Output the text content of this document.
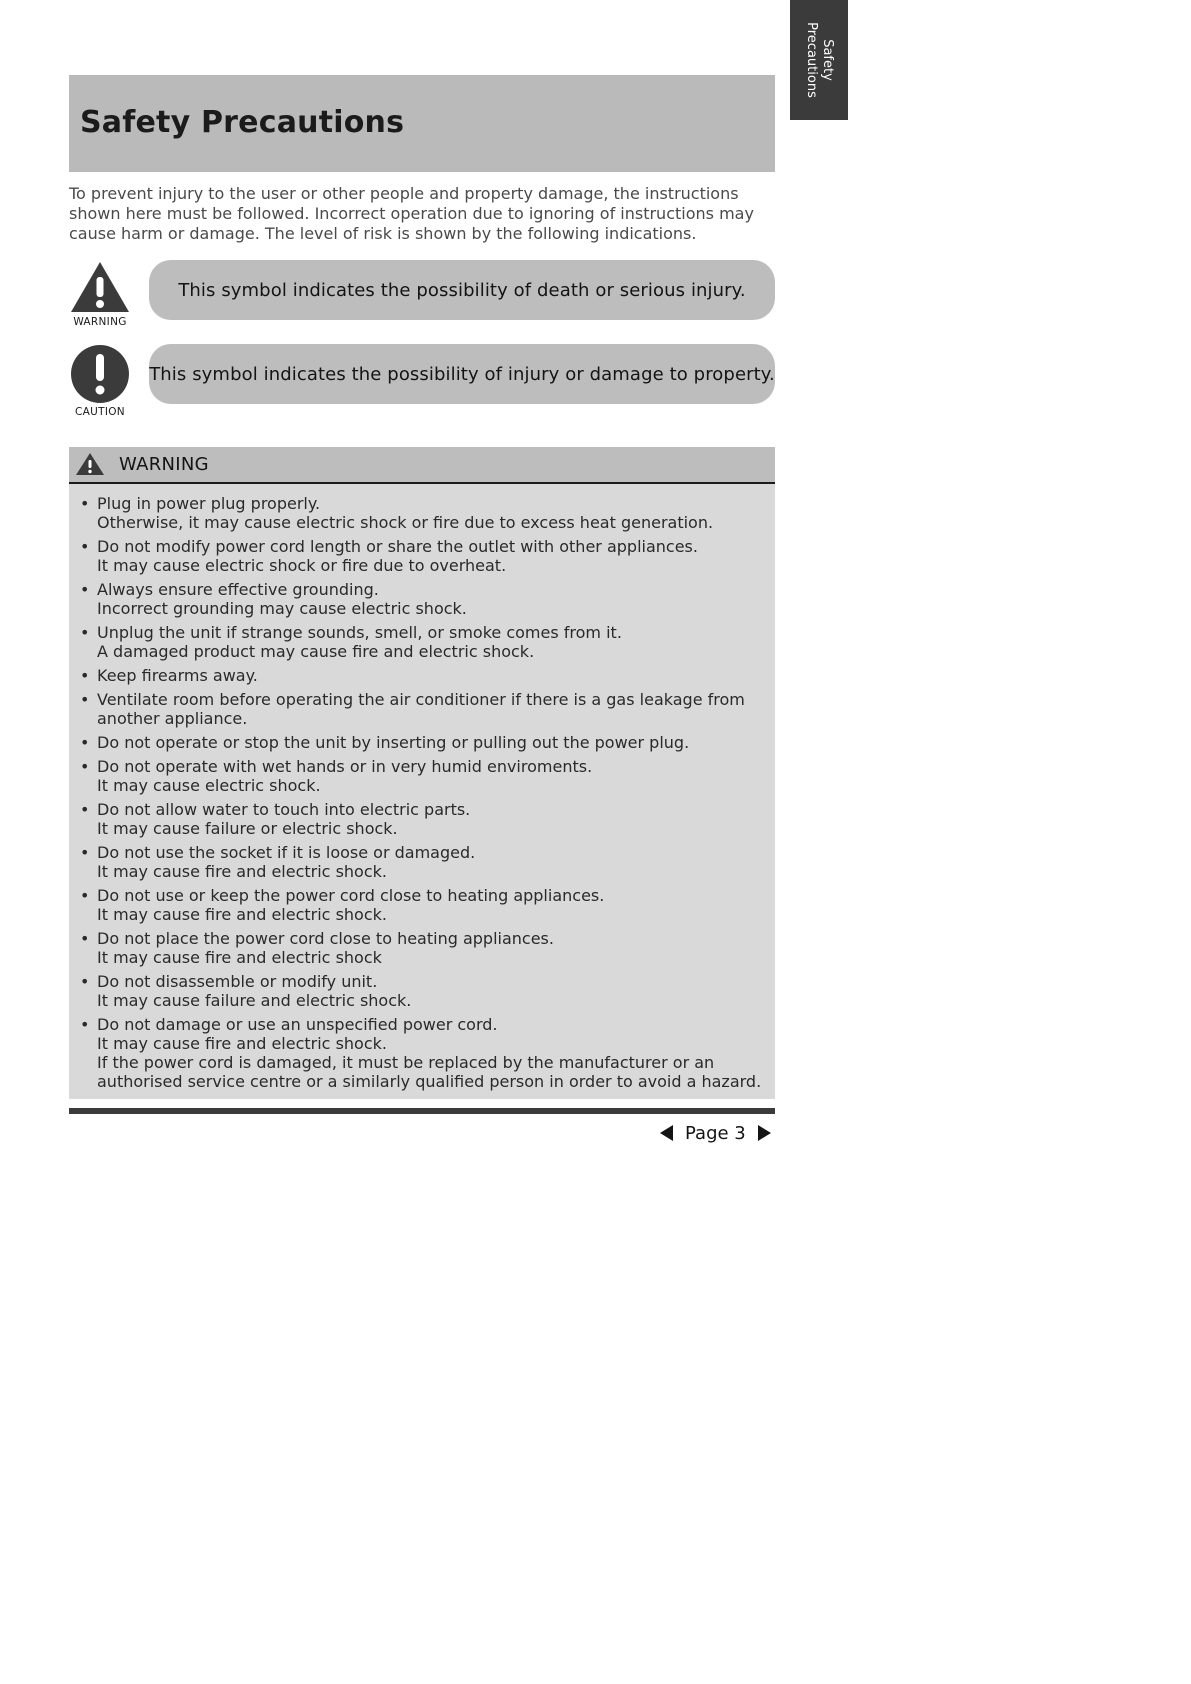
Safety
Precautions
Safety Precautions

To prevent injury to the user or other people and property damage, the instructions shown here must be followed. Incorrect operation due to ignoring of instructions may cause harm or damage. The level of risk is shown by the following indications.

WARNING
This symbol indicates the possibility of death or serious injury.
CAUTION
This symbol indicates the possibility of injury or damage to property.
WARNING
• Plug in power plug properly.
Otherwise, it may cause electric shock or fire due to excess heat generation.
• Do not modify power cord length or share the outlet with other appliances.
It may cause electric shock or fire due to overheat.
• Always ensure effective grounding.
Incorrect grounding may cause electric shock.
• Unplug the unit if strange sounds, smell, or smoke comes from it.
A damaged product may cause fire and electric shock.
• Keep firearms away.
• Ventilate room before operating the air conditioner if there is a gas leakage from another appliance.
• Do not operate or stop the unit by inserting or pulling out the power plug.
• Do not operate with wet hands or in very humid enviroments.
It may cause electric shock.
• Do not allow water to touch into electric parts.
It may cause failure or electric shock.
• Do not use the socket if it is loose or damaged.
It may cause fire and electric shock.
• Do not use or keep the power cord close to heating appliances.
It may cause fire and electric shock.
• Do not place the power cord close to heating appliances.
It may cause fire and electric shock
• Do not disassemble or modify unit.
It may cause failure and electric shock.
• Do not damage or use an unspecified power cord.
It may cause fire and electric shock.
If the power cord is damaged, it must be replaced by the manufacturer or an authorised service centre or a similarly qualified person in order to avoid a hazard.
Page 3
